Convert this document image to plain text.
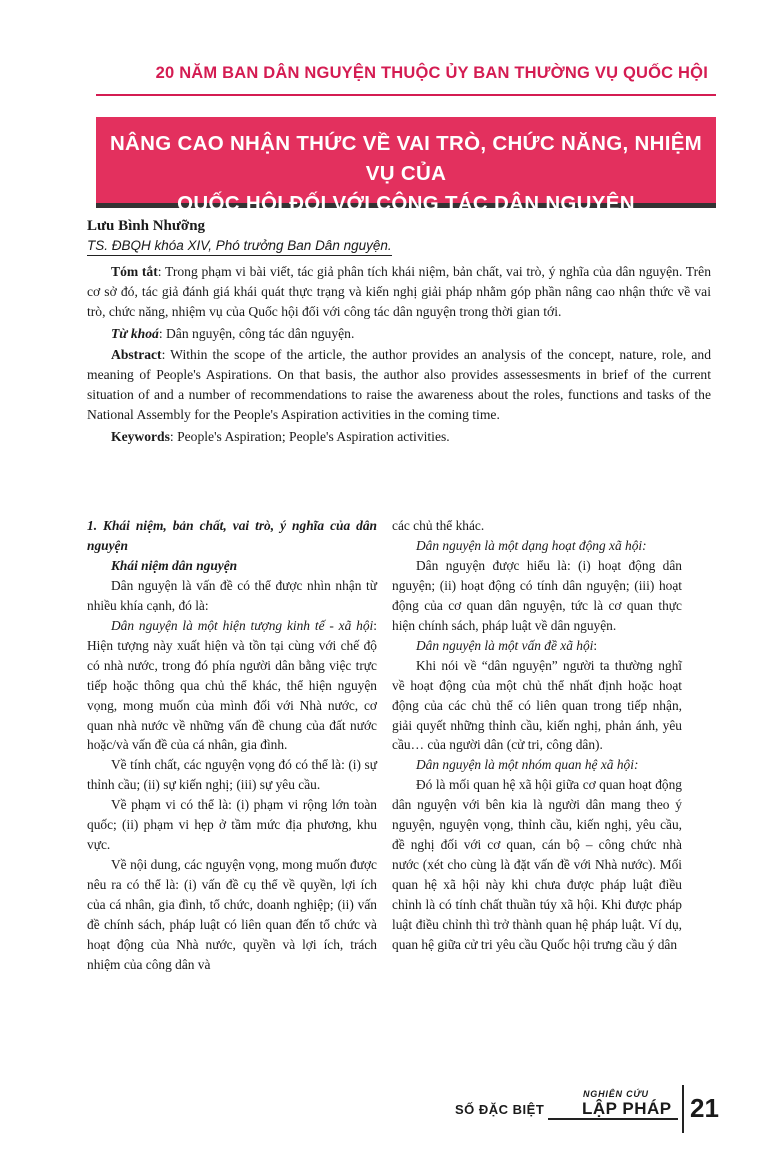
20 NĂM BAN DÂN NGUYỆN THUỘC ỦY BAN THƯỜNG VỤ QUỐC HỘI
NÂNG CAO NHẬN THỨC VỀ VAI TRÒ, CHỨC NĂNG, NHIỆM VỤ CỦA
QUỐC HỘI ĐỐI VỚI CÔNG TÁC DÂN NGUYỆN
Lưu Bình Nhưỡng
TS. ĐBQH khóa XIV, Phó trưởng Ban Dân nguyện.

Tóm tắt: Trong phạm vi bài viết, tác giả phân tích khái niệm, bản chất, vai trò, ý nghĩa của dân nguyện. Trên cơ sở đó, tác giả đánh giá khái quát thực trạng và kiến nghị giải pháp nhằm góp phần nâng cao nhận thức về vai trò, chức năng, nhiệm vụ của Quốc hội đối với công tác dân nguyện trong thời gian tới.

Từ khoá: Dân nguyện, công tác dân nguyện.

Abstract: Within the scope of the article, the author provides an analysis of the concept, nature, role, and meaning of People's Aspirations. On that basis, the author also provides assessesments in brief of the current situation of and a number of recommendations to raise the awareness about the roles, functions and tasks of the National Assembly for the People's Aspiration activities in the coming time.

Keywords: People's Aspiration; People's Aspiration activities.

1. Khái niệm, bản chất, vai trò, ý nghĩa của dân nguyện

Khái niệm dân nguyện

Dân nguyện là vấn đề có thể được nhìn nhận từ nhiều khía cạnh, đó là:

Dân nguyện là một hiện tượng kinh tế - xã hội: Hiện tượng này xuất hiện và tồn tại cùng với chế độ có nhà nước, trong đó phía người dân bằng việc trực tiếp hoặc thông qua chủ thể khác, thể hiện nguyện vọng, mong muốn của mình đối với Nhà nước, cơ quan nhà nước về những vấn đề chung của đất nước hoặc/và vấn đề của cá nhân, gia đình.

Về tính chất, các nguyện vọng đó có thể là: (i) sự thỉnh cầu; (ii) sự kiến nghị; (iii) sự yêu cầu.

Về phạm vi có thể là: (i) phạm vi rộng lớn toàn quốc; (ii) phạm vi hẹp ở tầm mức địa phương, khu vực.

Về nội dung, các nguyện vọng, mong muốn được nêu ra có thể là: (i) vấn đề cụ thể về quyền, lợi ích của cá nhân, gia đình, tổ chức, doanh nghiệp; (ii) vấn đề chính sách, pháp luật có liên quan đến tổ chức và hoạt động của Nhà nước, quyền và lợi ích, trách nhiệm của công dân và

các chủ thể khác.

Dân nguyện là một dạng hoạt động xã hội:

Dân nguyện được hiểu là: (i) hoạt động dân nguyện; (ii) hoạt động có tính dân nguyện; (iii) hoạt động của cơ quan dân nguyện, tức là cơ quan thực hiện chính sách, pháp luật về dân nguyện.

Dân nguyện là một vấn đề xã hội:

Khi nói về “dân nguyện” người ta thường nghĩ về hoạt động của một chủ thể nhất định hoặc hoạt động của các chủ thể có liên quan trong tiếp nhận, giải quyết những thỉnh cầu, kiến nghị, phản ánh, yêu cầu… của người dân (cử tri, công dân).

Dân nguyện là một nhóm quan hệ xã hội:

Đó là mối quan hệ xã hội giữa cơ quan hoạt động dân nguyện với bên kia là người dân mang theo ý nguyện, nguyện vọng, thỉnh cầu, kiến nghị, yêu cầu, đề nghị đối với cơ quan, cán bộ – công chức nhà nước (xét cho cùng là đặt vấn đề với Nhà nước). Mối quan hệ xã hội này khi chưa được pháp luật điều chỉnh là có tính chất thuần túy xã hội. Khi được pháp luật điều chỉnh thì trở thành quan hệ pháp luật. Ví dụ, quan hệ giữa cử tri yêu cầu Quốc hội trưng cầu ý dân

SỐ ĐẶC BIỆT
NGHIÊN CỨU
LẬP PHÁP 21
